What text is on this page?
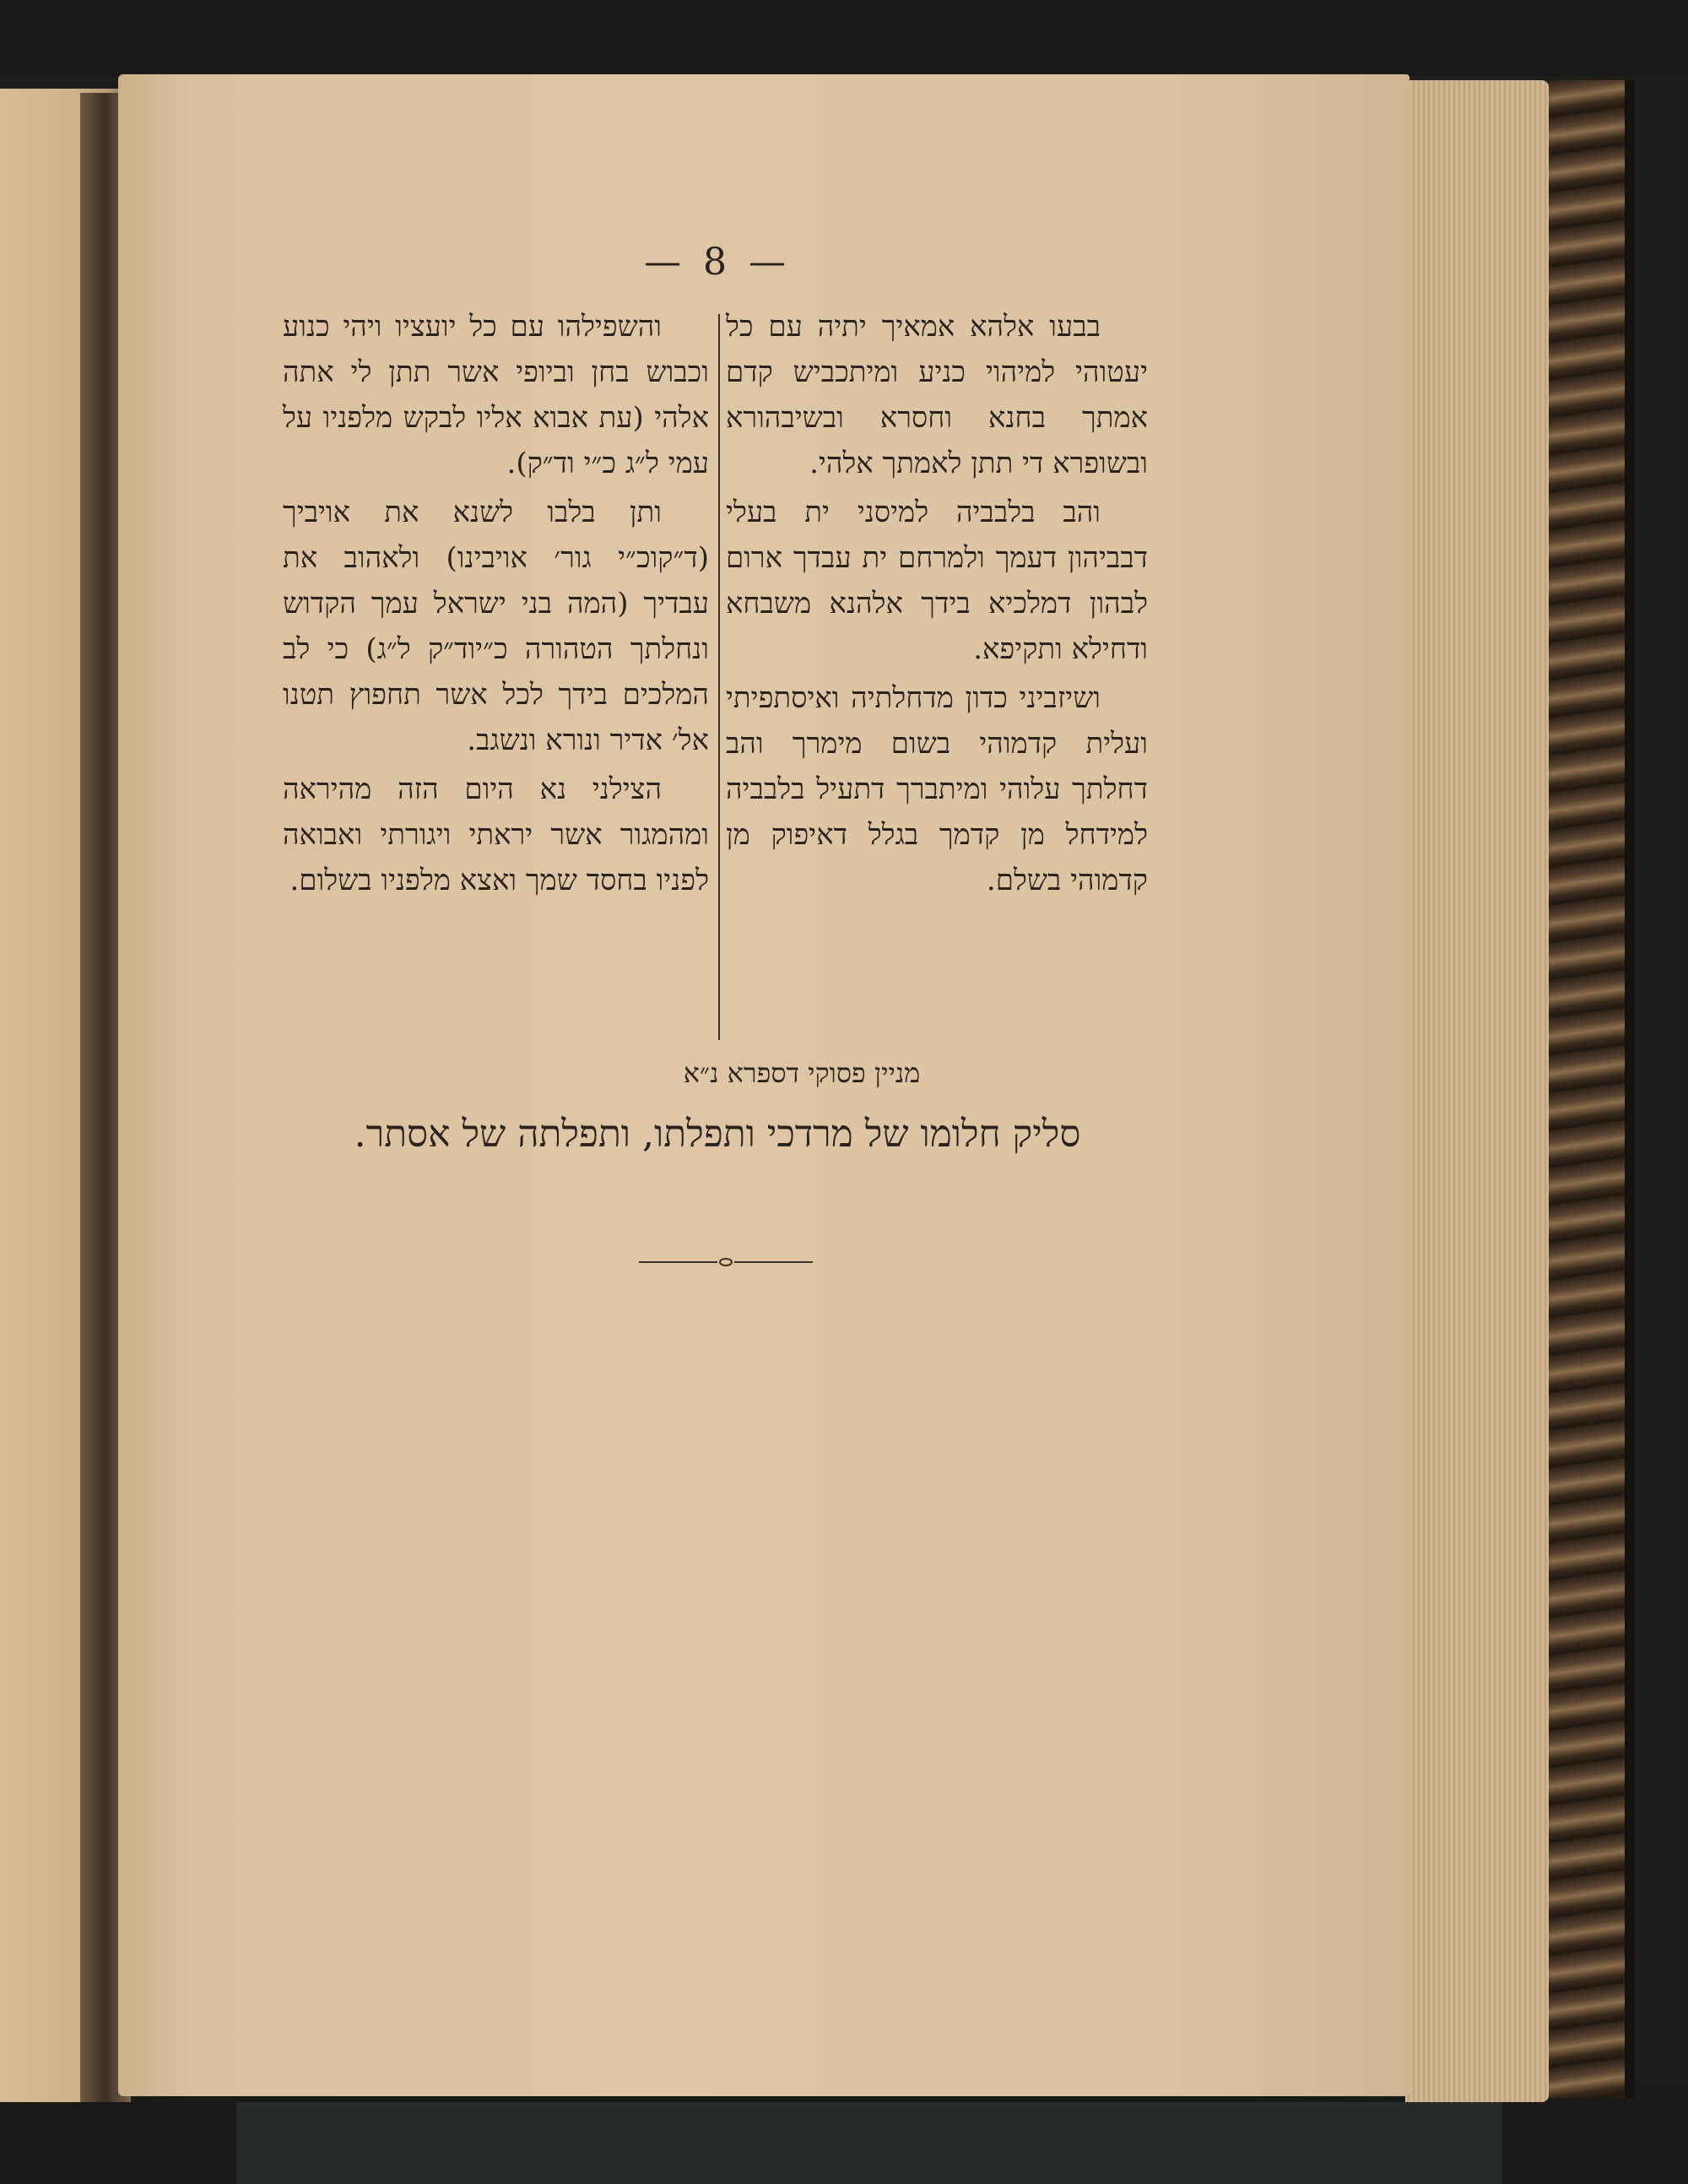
— 8 —

בבעו אלהא אמאיך יתיה עם כל יעטוהי למיהוי כניע ומיתכביש קדם אמתך בחנא וחסרא ובשיבהורא ובשופרא די תתן לאמתך אלהי.

והב בלבביה למיסני ית בעלי דבביהון דעמך ולמרחם ית עבדך ארום לבהון דמלכיא בידך אלהנא משבחא ודחילא ותקיפא.

ושיזביני כדון מדחלתיה ואיסתפיתי ועלית קדמוהי בשום מימרך והב דחלתך עלוהי ומיתברך דתעיל בלבביה למידחל מן קדמך בגלל דאיפוק מן קדמוהי בשלם.

והשפילהו עם כל יועציו ויהי כנוע וכבוש בחן וביופי אשר תתן לי אתה אלהי (עת אבוא אליו לבקש מלפניו על עמי ל״ג כ״י וד״ק).

ותן בלבו לשנא את אויביך (ד״קוכ״י גור׳ אויבינו) ולאהוב את עבדיך (המה בני ישראל עמך הקדוש ונחלתך הטהורה כ״יוד״ק ל״ג) כי לב המלכים בידך לכל אשר תחפוץ תטנו אל׳ אדיר ונורא ונשגב.

הצילני נא היום הזה מהיראה ומהמגור אשר יראתי ויגורתי ואבואה לפניו בחסד שמך ואצא מלפניו בשלום.

מניין פסוקי דספרא נ״א
סליק חלומו של מרדכי ותפלתו, ותפלתה של אסתר.
